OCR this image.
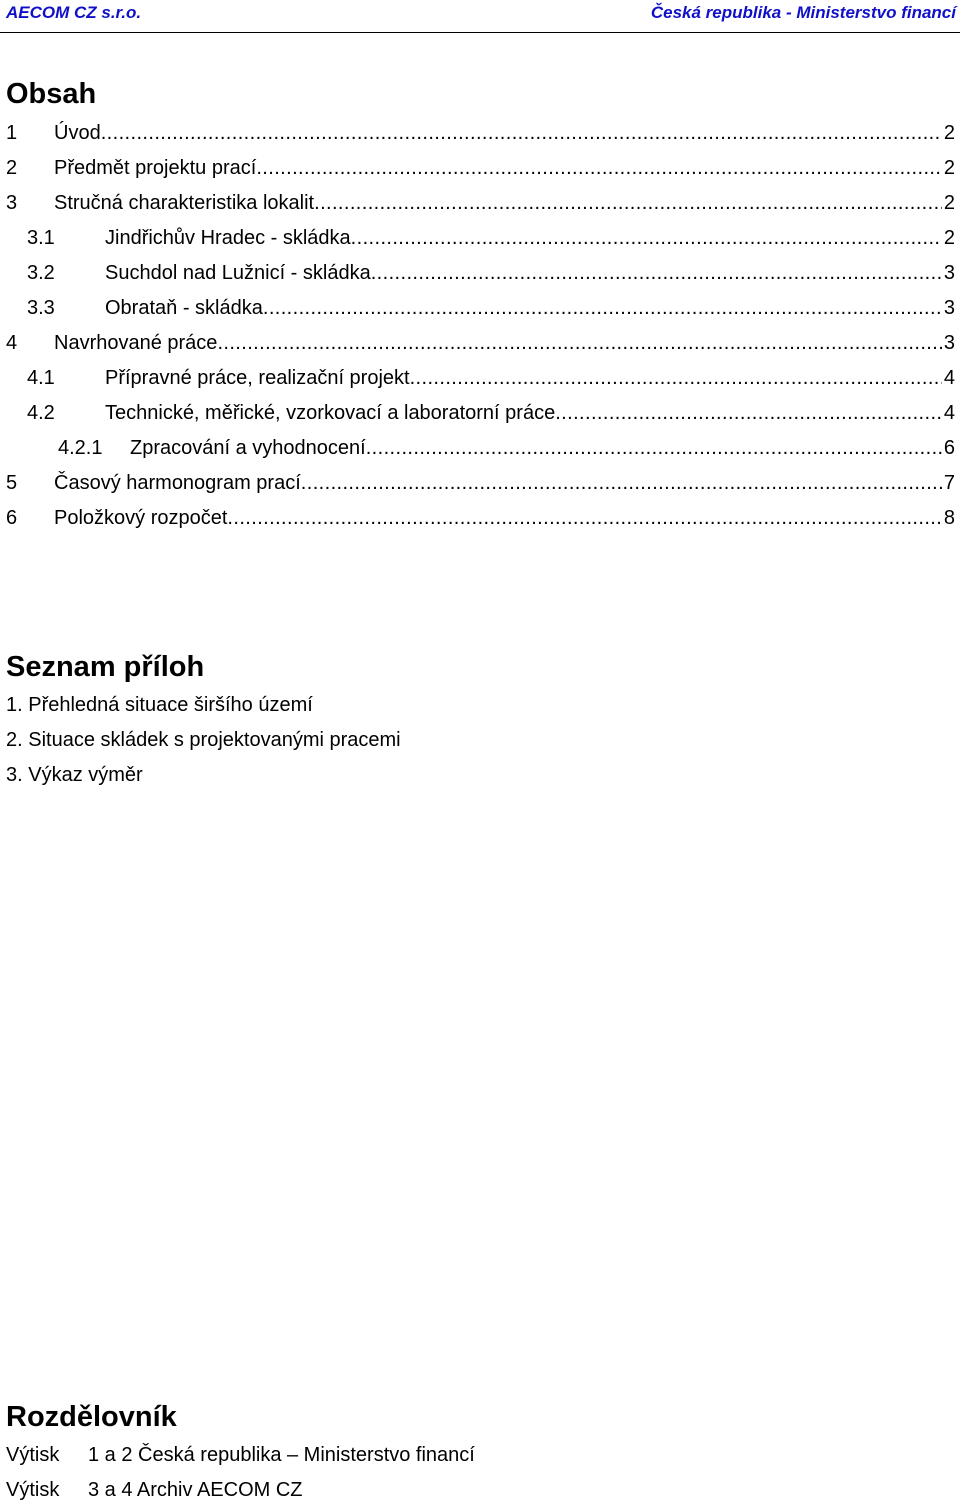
AECOM CZ s.r.o.	Česká republika - Ministerstvo financí
Obsah
1	Úvod .....	2
2	Předmět projektu prací .....	2
3	Stručná charakteristika lokalit .....	2
3.1	Jindřichův Hradec - skládka .....	2
3.2	Suchdol nad Lužnicí - skládka .....	3
3.3	Obrataň - skládka .....	3
4	Navrhované práce .....	3
4.1	Přípravné práce, realizační projekt .....	4
4.2	Technické, měřické, vzorkovací a laboratorní práce .....	4
4.2.1	Zpracování a vyhodnocení .....	6
5	Časový harmonogram prací .....	7
6	Položkový rozpočet .....	8
Seznam příloh
1. Přehledná situace širšího území
2. Situace skládek s projektovanými pracemi
3. Výkaz výměr
Rozdělovník
Výtisk 1 a 2 Česká republika – Ministerstvo financí
Výtisk 3 a 4 Archiv AECOM CZ
